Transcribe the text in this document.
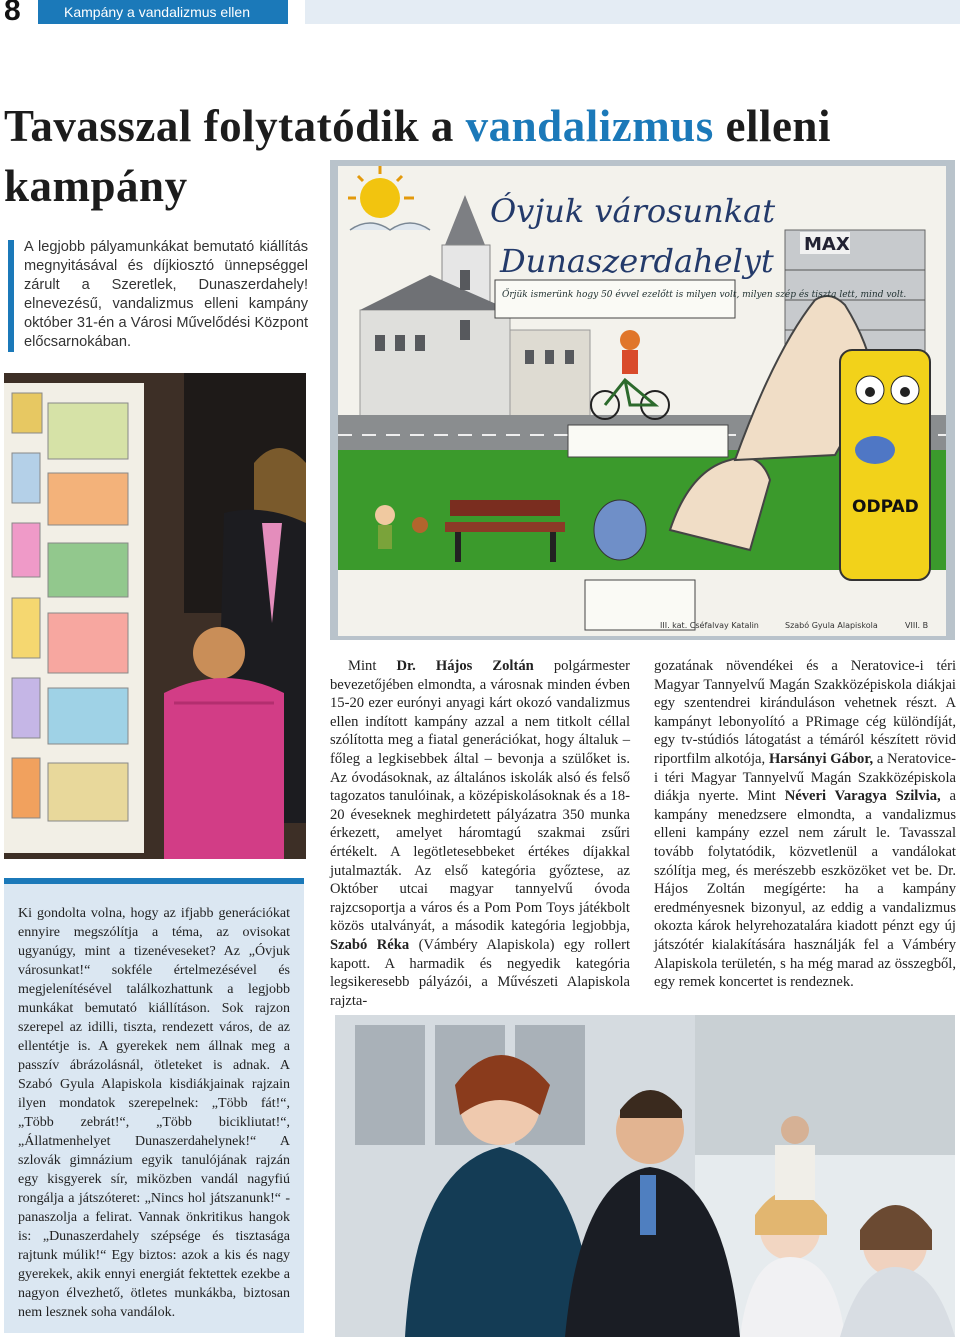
8	Kampány a vandalizmus ellen
Tavasszal folytatódik a vandalizmus elleni kampány
A legjobb pályamunkákat bemutató kiállítás megnyitásával és díjkiosztó ünnepséggel zárult a Szeretlek, Dunaszerdahely! elnevezésű, vandalizmus elleni kampány október 31-én a Városi Művelődési Központ előcsarnokában.
Óvjuk városunkat
Dunaszerdahelyt MAX
ODPAD
Őrjük ismerünk hogy 50 évvel ezelőtt is milyen volt, milyen szép és tiszta lett, mind volt.
III. kat. Cséfalvay Katalin	Szabó Gyula Alapiskola	VIII. B
Ki gondolta volna, hogy az ifjabb generációkat ennyire megszólítja a téma, az ovisokat ugyanúgy, mint a tizenéveseket? Az „Óvjuk városunkat!“ sokféle értelmezésével és megjelenítésével találkozhattunk a legjobb munkákat bemutató kiállításon. Sok rajzon szerepel az idilli, tiszta, rendezett város, de az ellentétje is. A gyerekek nem állnak meg a passzív ábrázolásnál, ötleteket is adnak. A Szabó Gyula Alapiskola kisdiákjainak rajzain ilyen mondatok szerepelnek: „Több fát!“, „Több zebrát!“, „Több bicikliutat!“, „Állatmenhelyet Dunaszerdahelynek!“ A szlovák gimnázium egyik tanulójának rajzán egy kisgyerek sír, miközben vandál nagyfiú rongálja a játszóteret: „Nincs hol játszanunk!“ - panaszolja a felirat. Vannak önkritikus hangok is: „Dunaszerdahely szépsége és tisztasága rajtunk múlik!“ Egy biztos: azok a kis és nagy gyerekek, akik ennyi energiát fektettek ezekbe a nagyon élvezhető, ötletes munkákba, biztosan nem lesznek soha vandálok.

Mint Dr. Hájos Zoltán polgármester bevezetőjében elmondta, a városnak minden évben 15-20 ezer eurónyi anyagi kárt okozó vandalizmus ellen indított kampány azzal a nem titkolt céllal szólította meg a fiatal generációkat, hogy általuk – főleg a legkisebbek által – bevonja a szülőket is. Az óvodásoknak, az általános iskolák alsó és felső tagozatos tanulóinak, a középiskolásoknak és a 18-20 éveseknek meghirdetett pályázatra 350 munka érkezett, amelyet háromtagú szakmai zsűri értékelt. A legötletesebbeket értékes díjakkal jutalmazták. Az első kategória győztese, az Október utcai magyar tannyelvű óvoda rajzcsoportja a város és a Pom Pom Toys játékbolt közös utalványát, a második kategória legjobbja, Szabó Réka (Vámbéry Alapiskola) egy rollert kapott. A harmadik és negyedik kategória legsikeresebb pályázói, a Művészeti Alapiskola rajzta-

gozatának növendékei és a Neratovice-i téri Magyar Tannyelvű Magán Szakközépiskola diákjai egy szentendrei kiránduláson vehetnek részt. A kampányt lebonyolító a PRimage cég különdíját, egy tv-stúdiós látogatást a témáról készített rövid riportfilm alkotója, Harsányi Gábor, a Neratovice-i téri Magyar Tannyelvű Magán Szakközépiskola diákja nyerte. Mint Néveri Varagya Szilvia, a kampány menedzsere elmondta, a vandalizmus elleni kampány ezzel nem zárult le. Tavasszal tovább folytatódik, közvetlenül a vandálokat szólítja meg, és merészebb eszközöket vet be. Dr. Hájos Zoltán megígérte: ha a kampány eredményesnek bizonyul, az eddig a vandalizmus okozta károk helyrehozatalára kiadott pénzt egy új játszótér kialakítására használják fel a Vámbéry Alapiskola területén, s ha még marad az összegből, egy remek koncertet is rendeznek.
